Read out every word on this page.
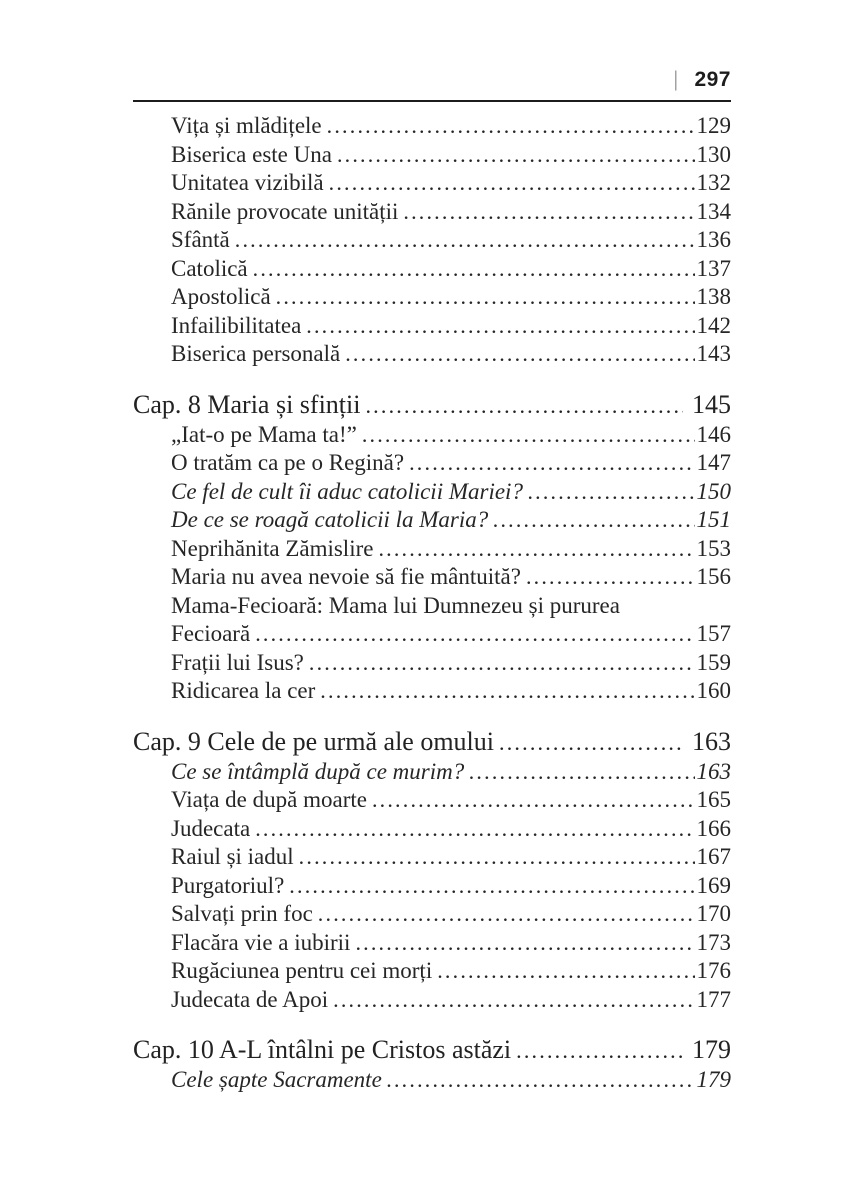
| 297
Vița și mlădițele .....	129
Biserica este Una .....	130
Unitatea vizibilă .....	132
Rănile provocate unității .....	134
Sfântă .....	136
Catolică .....	137
Apostolică .....	138
Infailibilitatea .....	142
Biserica personală .....	143
Cap. 8 Maria și sfinții .....	145
„Iat-o pe Mama ta!” .....	146
O tratăm ca pe o Regină? .....	147
Ce fel de cult îi aduc catolicii Mariei? .....	150
De ce se roagă catolicii la Maria? .....	151
Neprihănita Zămislire .....	153
Maria nu avea nevoie să fie mântuită? .....	156
Mama-Fecioară: Mama lui Dumnezeu și pururea
Fecioară .....	157
Frații lui Isus? .....	159
Ridicarea la cer .....	160
Cap. 9 Cele de pe urmă ale omului .....	163
Ce se întâmplă după ce murim? .....	163
Viața de după moarte .....	165
Judecata .....	166
Raiul și iadul .....	167
Purgatoriul? .....	169
Salvați prin foc .....	170
Flacăra vie a iubirii .....	173
Rugăciunea pentru cei morți .....	176
Judecata de Apoi .....	177
Cap. 10 A-L întâlni pe Cristos astăzi .....	179
Cele șapte Sacramente .....	179
